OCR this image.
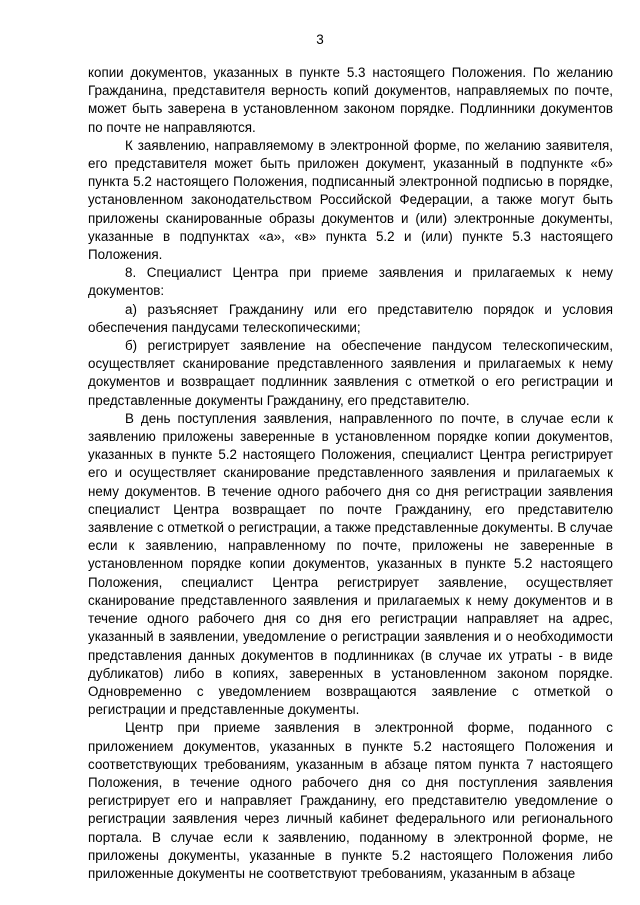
3

копии документов, указанных в пункте 5.3 настоящего Положения. По желанию Гражданина, представителя верность копий документов, направляемых по почте, может быть заверена в установленном законом порядке. Подлинники документов по почте не направляются.

К заявлению, направляемому в электронной форме, по желанию заявителя, его представителя может быть приложен документ, указанный в подпункте «б» пункта 5.2 настоящего Положения, подписанный электронной подписью в порядке, установленном законодательством Российской Федерации, а также могут быть приложены сканированные образы документов и (или) электронные документы, указанные в подпунктах «а», «в» пункта 5.2 и (или) пункте 5.3 настоящего Положения.

8. Специалист Центра при приеме заявления и прилагаемых к нему документов:

а) разъясняет Гражданину или его представителю порядок и условия обеспечения пандусами телескопическими;

б) регистрирует заявление на обеспечение пандусом телескопическим, осуществляет сканирование представленного заявления и прилагаемых к нему документов и возвращает подлинник заявления с отметкой о его регистрации и представленные документы Гражданину, его представителю.

В день поступления заявления, направленного по почте, в случае если к заявлению приложены заверенные в установленном порядке копии документов, указанных в пункте 5.2 настоящего Положения, специалист Центра регистрирует его и осуществляет сканирование представленного заявления и прилагаемых к нему документов. В течение одного рабочего дня со дня регистрации заявления специалист Центра возвращает по почте Гражданину, его представителю заявление с отметкой о регистрации, а также представленные документы. В случае если к заявлению, направленному по почте, приложены не заверенные в установленном порядке копии документов, указанных в пункте 5.2 настоящего Положения, специалист Центра регистрирует заявление, осуществляет сканирование представленного заявления и прилагаемых к нему документов и в течение одного рабочего дня со дня его регистрации направляет на адрес, указанный в заявлении, уведомление о регистрации заявления и о необходимости представления данных документов в подлинниках (в случае их утраты - в виде дубликатов) либо в копиях, заверенных в установленном законом порядке. Одновременно с уведомлением возвращаются заявление с отметкой о регистрации и представленные документы.

Центр при приеме заявления в электронной форме, поданного с приложением документов, указанных в пункте 5.2 настоящего Положения и соответствующих требованиям, указанным в абзаце пятом пункта 7 настоящего Положения, в течение одного рабочего дня со дня поступления заявления регистрирует его и направляет Гражданину, его представителю уведомление о регистрации заявления через личный кабинет федерального или регионального портала. В случае если к заявлению, поданному в электронной форме, не приложены документы, указанные в пункте 5.2 настоящего Положения либо приложенные документы не соответствуют требованиям, указанным в абзаце
